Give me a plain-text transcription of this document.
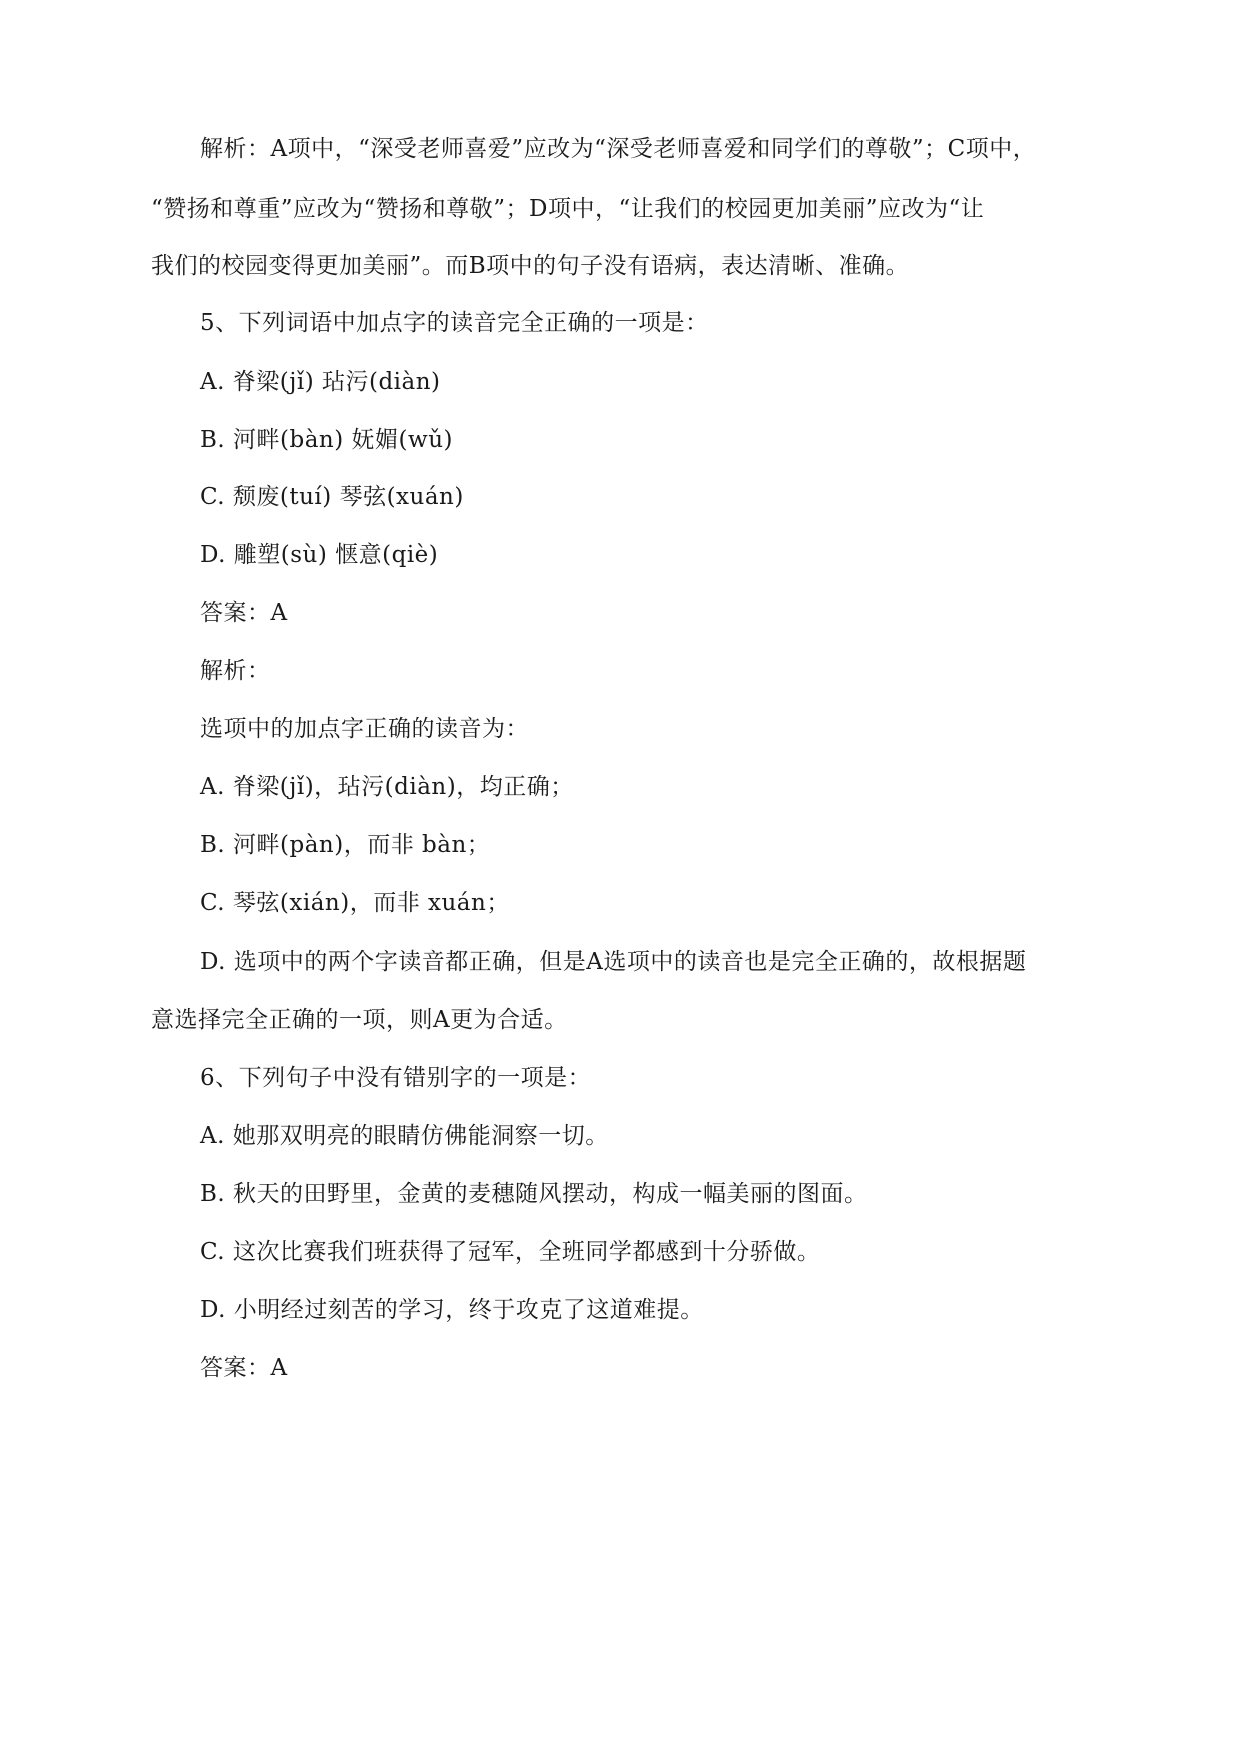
解析：A项中，“深受老师喜爱”应改为“深受老师喜爱和同学们的尊敬”；C项中，
“赞扬和尊重”应改为“赞扬和尊敬”；D项中，“让我们的校园更加美丽”应改为“让
我们的校园变得更加美丽”。而B项中的句子没有语病，表达清晰、准确。
5、下列词语中加点字的读音完全正确的一项是：
A. 脊梁(jǐ) 玷污(diàn)
B. 河畔(bàn) 妩媚(wǔ)
C. 颓废(tuí) 琴弦(xuán)
D. 雕塑(sù) 惬意(qiè)
答案：A
解析：
选项中的加点字正确的读音为：
A. 脊梁(jǐ)，玷污(diàn)，均正确；
B. 河畔(pàn)，而非 bàn；
C. 琴弦(xián)，而非 xuán；
D. 选项中的两个字读音都正确，但是A选项中的读音也是完全正确的，故根据题
意选择完全正确的一项，则A更为合适。
6、下列句子中没有错别字的一项是：
A. 她那双明亮的眼睛仿佛能洞察一切。
B. 秋天的田野里，金黄的麦穗随风摆动，构成一幅美丽的图面。
C. 这次比赛我们班获得了冠军，全班同学都感到十分骄做。
D. 小明经过刻苦的学习，终于攻克了这道难提。
答案：A
